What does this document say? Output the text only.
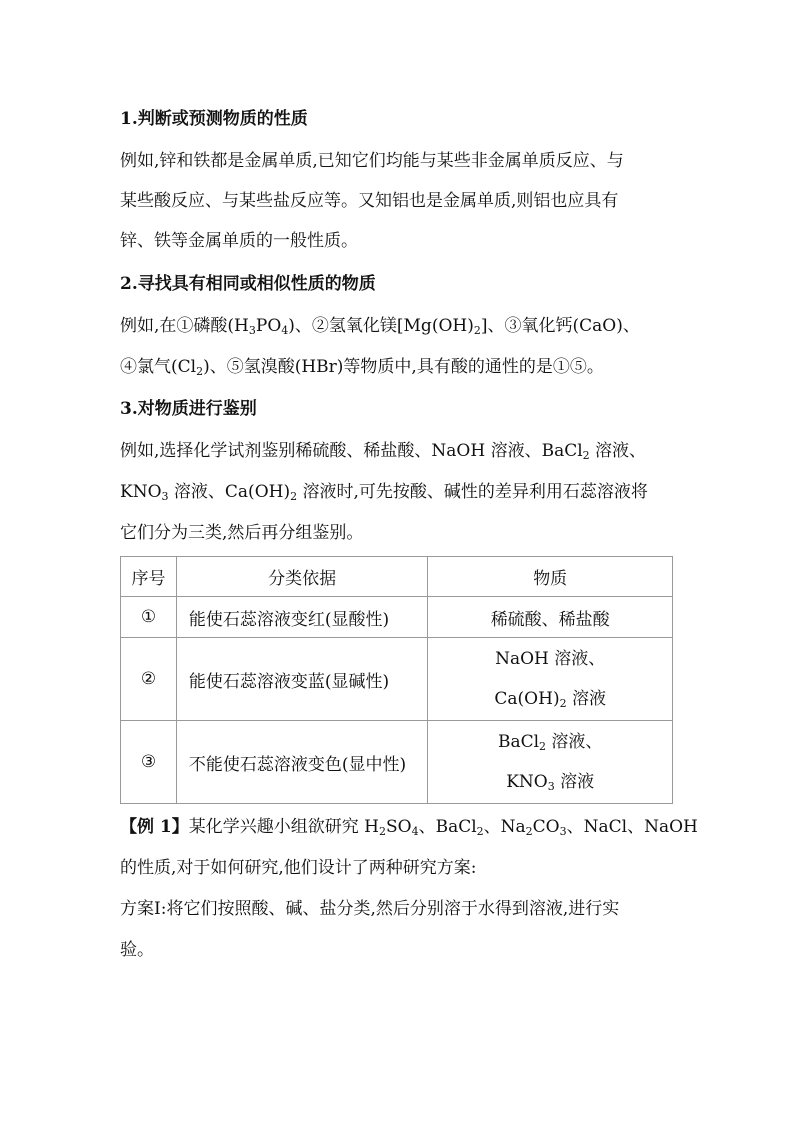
1.判断或预测物质的性质
例如,锌和铁都是金属单质,已知它们均能与某些非金属单质反应、与
某些酸反应、与某些盐反应等。又知铝也是金属单质,则铝也应具有
锌、铁等金属单质的一般性质。
2.寻找具有相同或相似性质的物质
例如,在①磷酸$(H_3PO_4)$、②氢氧化镁$[Mg(OH)_2]$、③氧化钙(CaO)、
④氯气$(Cl_2)$、⑤氢溴酸(HBr)等物质中,具有酸的通性的是①⑤。
3.对物质进行鉴别
例如,选择化学试剂鉴别稀硫酸、稀盐酸、NaOH 溶液、BaCl$_2$ 溶液、
$KNO_3$ 溶液、$Ca(OH)_2$ 溶液时,可先按酸、碱性的差异利用石蕊溶液将
它们分为三类,然后再分组鉴别。
序号	分类依据	物质
①	能使石蕊溶液变红(显酸性)	稀硫酸、稀盐酸
②	能使石蕊溶液变蓝(显碱性)	NaOH 溶液、
$Ca(OH)_2$ 溶液

③	不能使石蕊溶液变色(显中性)	BaCl$_2$ 溶液、
$KNO_3$ 溶液
【例 1】某化学兴趣小组欲研究 $H_2SO_4$、BaCl$_2$、$Na_2CO_3$、NaCl、NaOH
的性质,对于如何研究,他们设计了两种研究方案:
方案Ⅰ:将它们按照酸、碱、盐分类,然后分别溶于水得到溶液,进行实
验。
